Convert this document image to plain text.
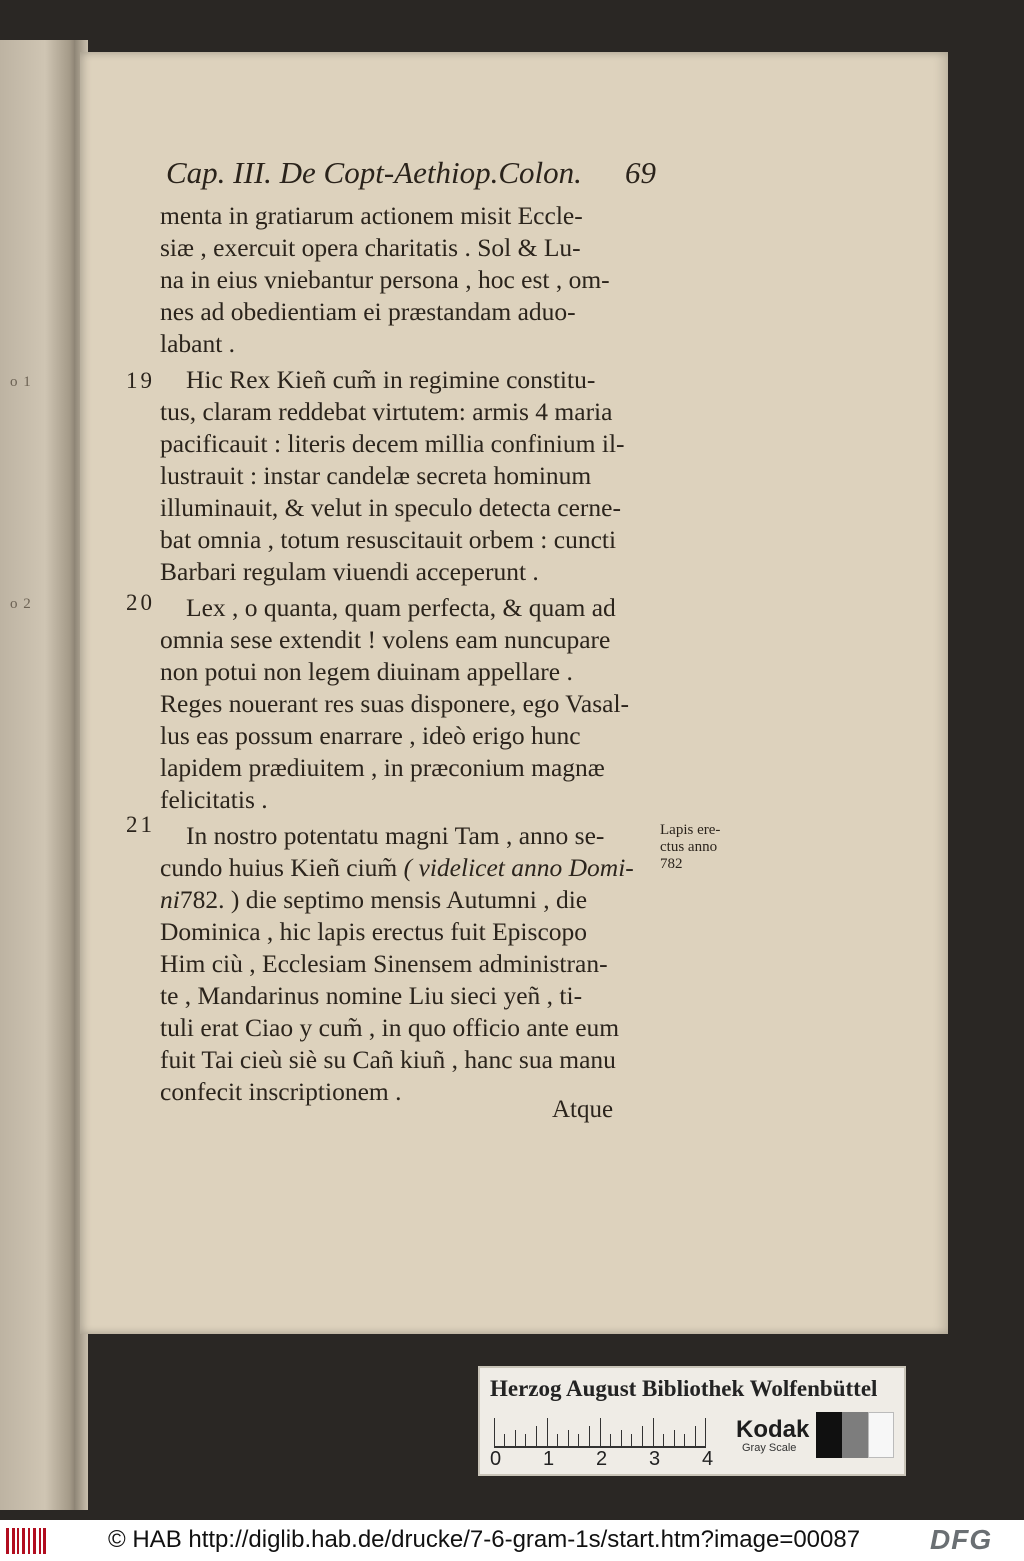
o 1
o 2
Cap. III. De Copt-Aethiop.Colon. 69
19
20
21
menta in gratiarum actionem misit Eccle-
siæ , exercuit opera charitatis . Sol & Lu-
na in eius vniebantur persona , hoc est , om-
nes ad obedientiam ei præstandam aduo-
labant .
Hic Rex Kieñ cum̃ in regimine constitu-
tus, claram reddebat virtutem: armis 4 maria
pacificauit : literis decem millia confinium il-
lustrauit : instar candelæ secreta hominum
illuminauit, & velut in speculo detecta cerne-
bat omnia , totum resuscitauit orbem : cuncti
Barbari regulam viuendi acceperunt .
Lex , o quanta, quam perfecta, & quam ad
omnia sese extendit ! volens eam nuncupare
non potui non legem diuinam appellare .
Reges nouerant res suas disponere, ego Vasal-
lus eas possum enarrare , ideò erigo hunc
lapidem prædiuitem , in præconium magnæ
felicitatis .
In nostro potentatu magni Tam , anno se-
cundo huius Kieñ cium̃ ( videlicet anno Domi-
ni782. ) die septimo mensis Autumni , die
Dominica , hic lapis erectus fuit Episcopo
Him ciù , Ecclesiam Sinensem administran-
te , Mandarinus nomine Liu sieci yeñ , ti-
tuli erat Ciao y cum̃ , in quo officio ante eum
fuit Tai cieù siè su Cañ kiuñ , hanc sua manu
confecit inscriptionem .
Lapis ere-
ctus anno
782
Atque
Herzog August Bibliothek Wolfenbüttel
0 1 2 3 4
Kodak
Gray Scale
© HAB http://diglib.hab.de/drucke/7-6-gram-1s/start.htm?image=00087 DFG
